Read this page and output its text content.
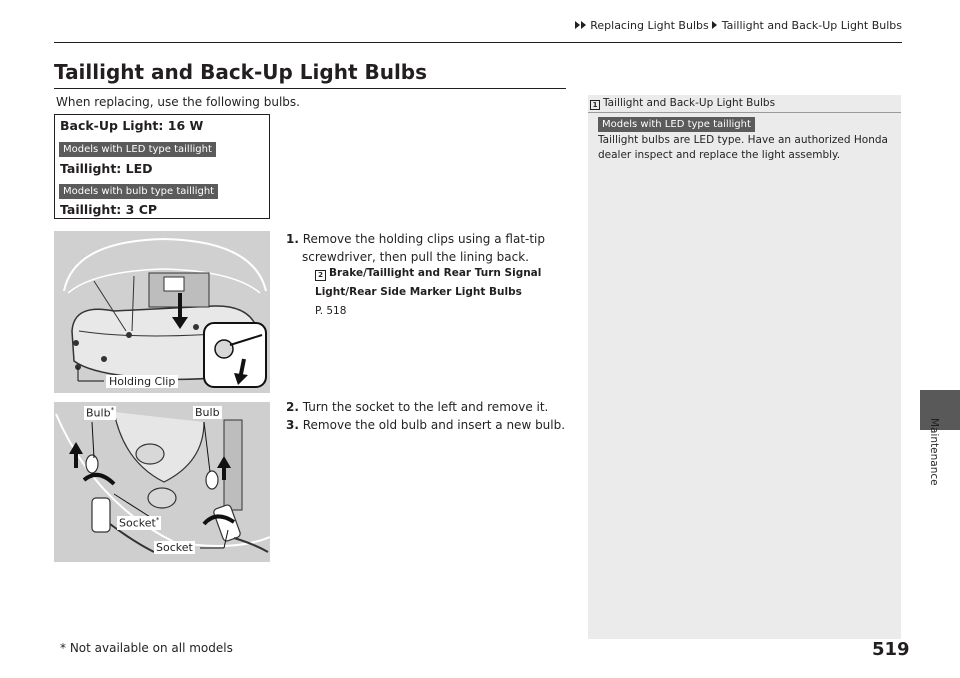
Replacing Light Bulbs Taillight and Back-Up Light Bulbs
Maintenance
Taillight and Back-Up Light Bulbs
When replacing, use the following bulbs.
Back-Up Light: 16 W
Models with LED type taillight
Taillight: LED
Models with bulb type taillight
Taillight: 3 CP
1. Remove the holding clips using a flat-tip screwdriver, then pull the lining back.
2 Brake/Taillight and Rear Turn Signal
Light/Rear Side Marker Light Bulbs
P. 518
2. Turn the socket to the left and remove it.
3. Remove the old bulb and insert a new bulb.
Holding Clip
Bulb*	Bulb
Socket*
Socket
1 Taillight and Back-Up Light Bulbs
Models with LED type taillight
Taillight bulbs are LED type. Have an authorized Honda dealer inspect and replace the light assembly.
* Not available on all models	519
